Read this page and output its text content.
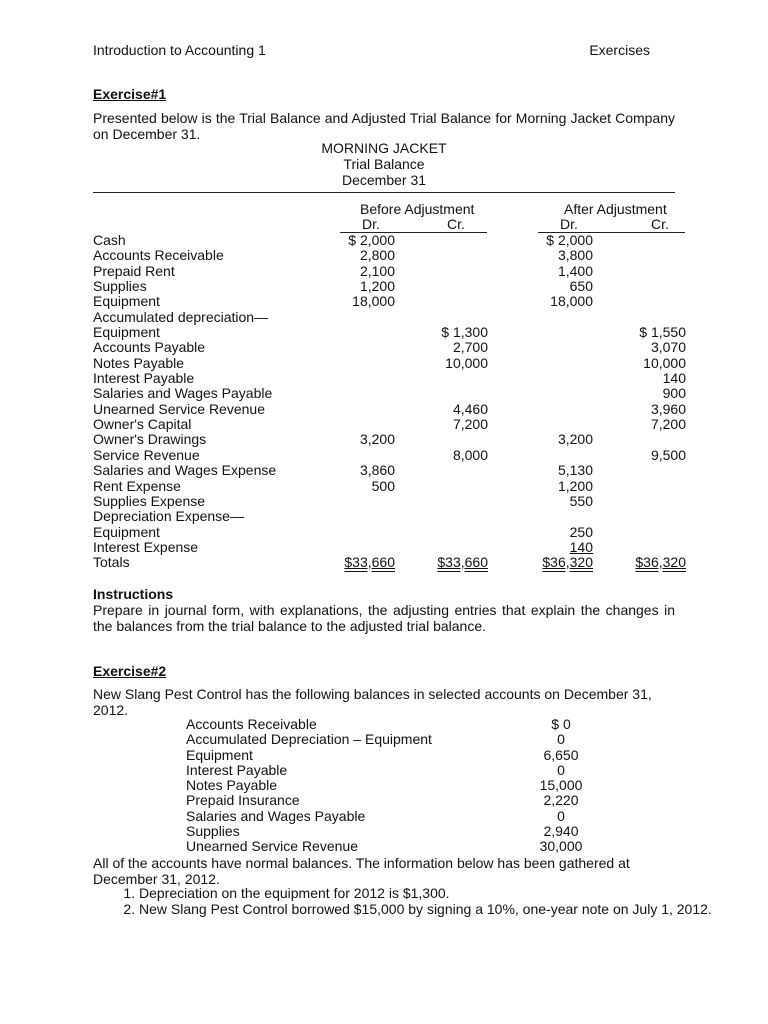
Introduction to Accounting 1	Exercises
Exercise#1
Presented below is the Trial Balance and Adjusted Trial Balance for Morning Jacket Company on December 31.
MORNING JACKET
Trial Balance
December 31
Before Adjustment	After Adjustment
Dr.	Cr.	Dr.	Cr.
Cash	$ 2,000		$ 2,000	
Accounts Receivable	2,800		3,800	
Prepaid Rent	2,100		1,400	
Supplies	1,200		650	
Equipment	18,000		18,000	
Accumulated depreciation—				
Equipment		$ 1,300		$ 1,550
Accounts Payable		2,700		3,070
Notes Payable		10,000		10,000
Interest Payable				140
Salaries and Wages Payable				900
Unearned Service Revenue		4,460		3,960
Owner's Capital		7,200		7,200
Owner's Drawings	3,200		3,200	
Service Revenue		8,000		9,500
Salaries and Wages Expense	3,860		5,130	
Rent Expense	500		1,200	
Supplies Expense			550	
Depreciation Expense—				
Equipment			250	
Interest Expense			140	
Totals	$33,660	$33,660	$36,320	$36,320
Instructions
Prepare in journal form, with explanations, the adjusting entries that explain the changes in the balances from the trial balance to the adjusted trial balance.
Exercise#2
New Slang Pest Control has the following balances in selected accounts on December 31, 2012.
Accounts Receivable	$ 0
Accumulated Depreciation – Equipment	0
Equipment	6,650
Interest Payable	0
Notes Payable	15,000
Prepaid Insurance	2,220
Salaries and Wages Payable	0
Supplies	2,940
Unearned Service Revenue	30,000
All of the accounts have normal balances. The information below has been gathered at December 31, 2012.
1. Depreciation on the equipment for 2012 is $1,300.
2. New Slang Pest Control borrowed $15,000 by signing a 10%, one-year note on July 1, 2012.
